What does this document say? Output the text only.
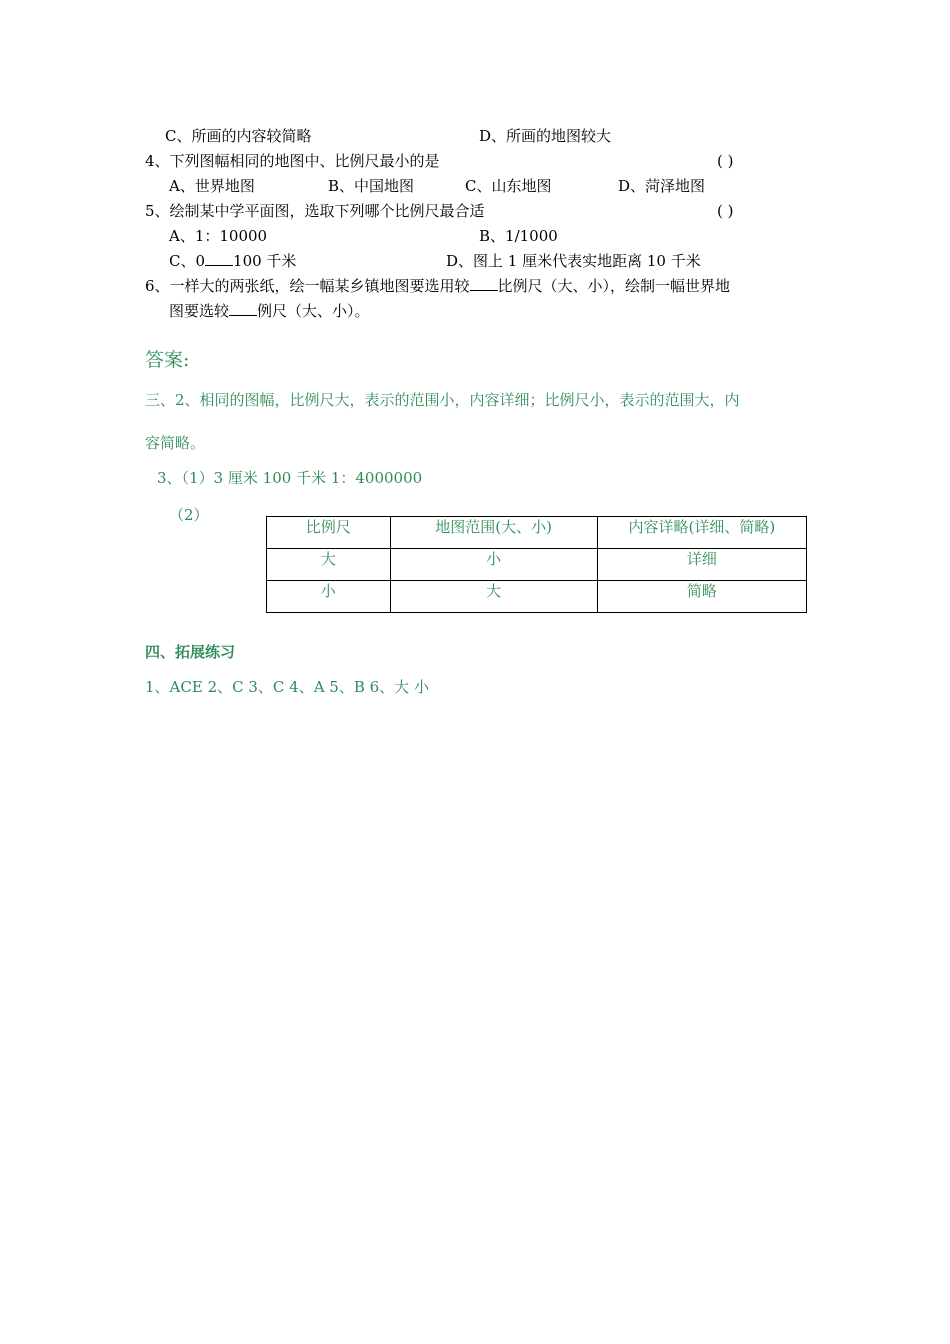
C、所画的内容较简略	D、所画的地图较大
4、下列图幅相同的地图中、比例尺最小的是	( )
A、世界地图	B、中国地图	C、山东地图	D、菏泽地图
5、绘制某中学平面图，选取下列哪个比例尺最合适	( )
A、1：10000	B、1/1000
C、0 100 千米	D、图上 1 厘米代表实地距离 10 千米
6、一样大的两张纸，绘一幅某乡镇地图要选用较 比例尺（大、小），绘制一幅世界地
图要选较 例尺（大、小）。
答案:
三、2、相同的图幅，比例尺大，表示的范围小，内容详细；比例尺小，表示的范围大，内
容简略。
3、（1）3 厘米 100 千米 1：4000000
（2）
比例尺	地图范围(大、小)	内容详略(详细、简略)
大	小	详细
小	大	简略
四、拓展练习
1、ACE 2、C 3、C 4、A 5、B 6、大 小
